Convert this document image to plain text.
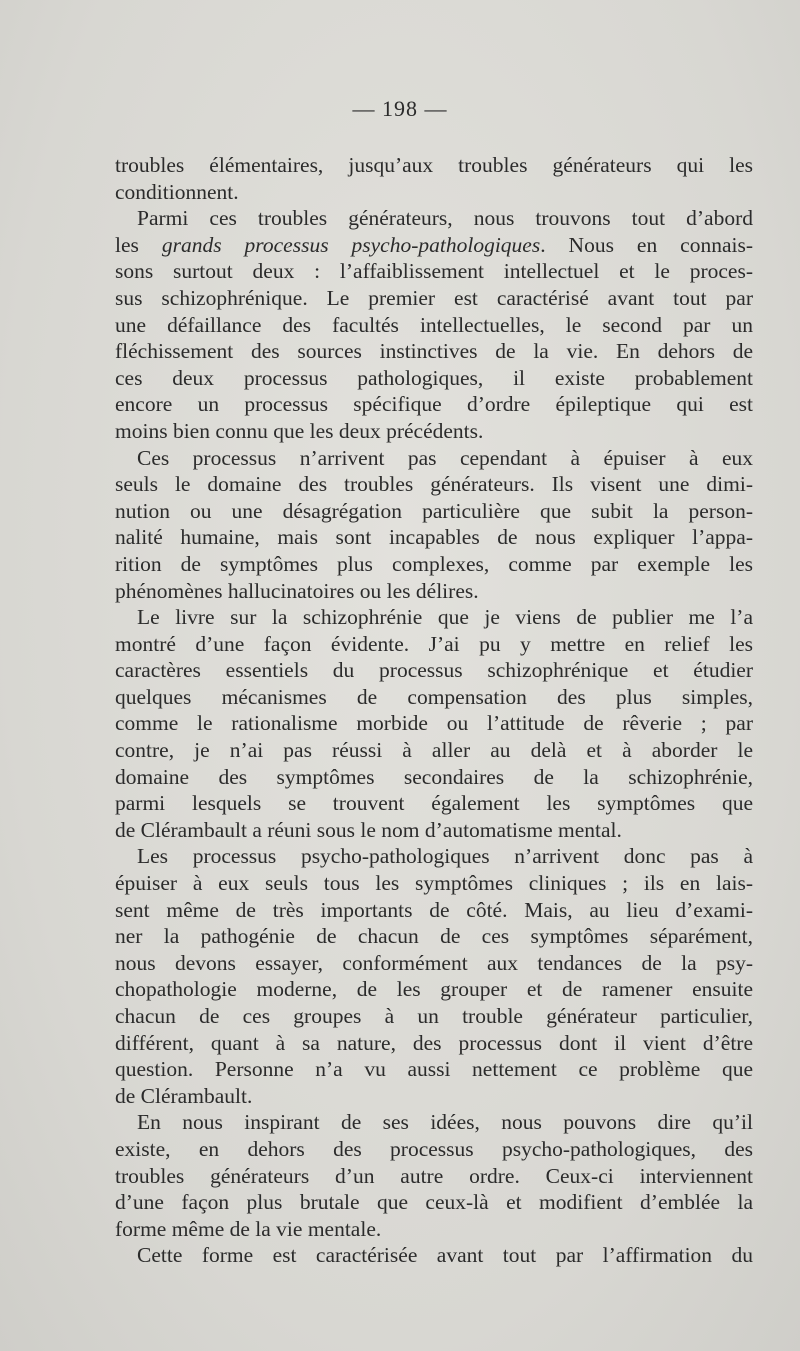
— 198 —
troubles élémentaires, jusqu’aux troubles générateurs qui les
conditionnent.
Parmi ces troubles générateurs, nous trouvons tout d’abord
les grands processus psycho-pathologiques. Nous en connais-
sons surtout deux : l’affaiblissement intellectuel et le proces-
sus schizophrénique. Le premier est caractérisé avant tout par
une défaillance des facultés intellectuelles, le second par un
fléchissement des sources instinctives de la vie. En dehors de
ces deux processus pathologiques, il existe probablement
encore un processus spécifique d’ordre épileptique qui est
moins bien connu que les deux précédents.
Ces processus n’arrivent pas cependant à épuiser à eux
seuls le domaine des troubles générateurs. Ils visent une dimi-
nution ou une désagrégation particulière que subit la person-
nalité humaine, mais sont incapables de nous expliquer l’appa-
rition de symptômes plus complexes, comme par exemple les
phénomènes hallucinatoires ou les délires.
Le livre sur la schizophrénie que je viens de publier me l’a
montré d’une façon évidente. J’ai pu y mettre en relief les
caractères essentiels du processus schizophrénique et étudier
quelques mécanismes de compensation des plus simples,
comme le rationalisme morbide ou l’attitude de rêverie ; par
contre, je n’ai pas réussi à aller au delà et à aborder le
domaine des symptômes secondaires de la schizophrénie,
parmi lesquels se trouvent également les symptômes que
de Clérambault a réuni sous le nom d’automatisme mental.
Les processus psycho-pathologiques n’arrivent donc pas à
épuiser à eux seuls tous les symptômes cliniques ; ils en lais-
sent même de très importants de côté. Mais, au lieu d’exami-
ner la pathogénie de chacun de ces symptômes séparément,
nous devons essayer, conformément aux tendances de la psy-
chopathologie moderne, de les grouper et de ramener ensuite
chacun de ces groupes à un trouble générateur particulier,
différent, quant à sa nature, des processus dont il vient d’être
question. Personne n’a vu aussi nettement ce problème que
de Clérambault.
En nous inspirant de ses idées, nous pouvons dire qu’il
existe, en dehors des processus psycho-pathologiques, des
troubles générateurs d’un autre ordre. Ceux-ci interviennent
d’une façon plus brutale que ceux-là et modifient d’emblée la
forme même de la vie mentale.
Cette forme est caractérisée avant tout par l’affirmation du
